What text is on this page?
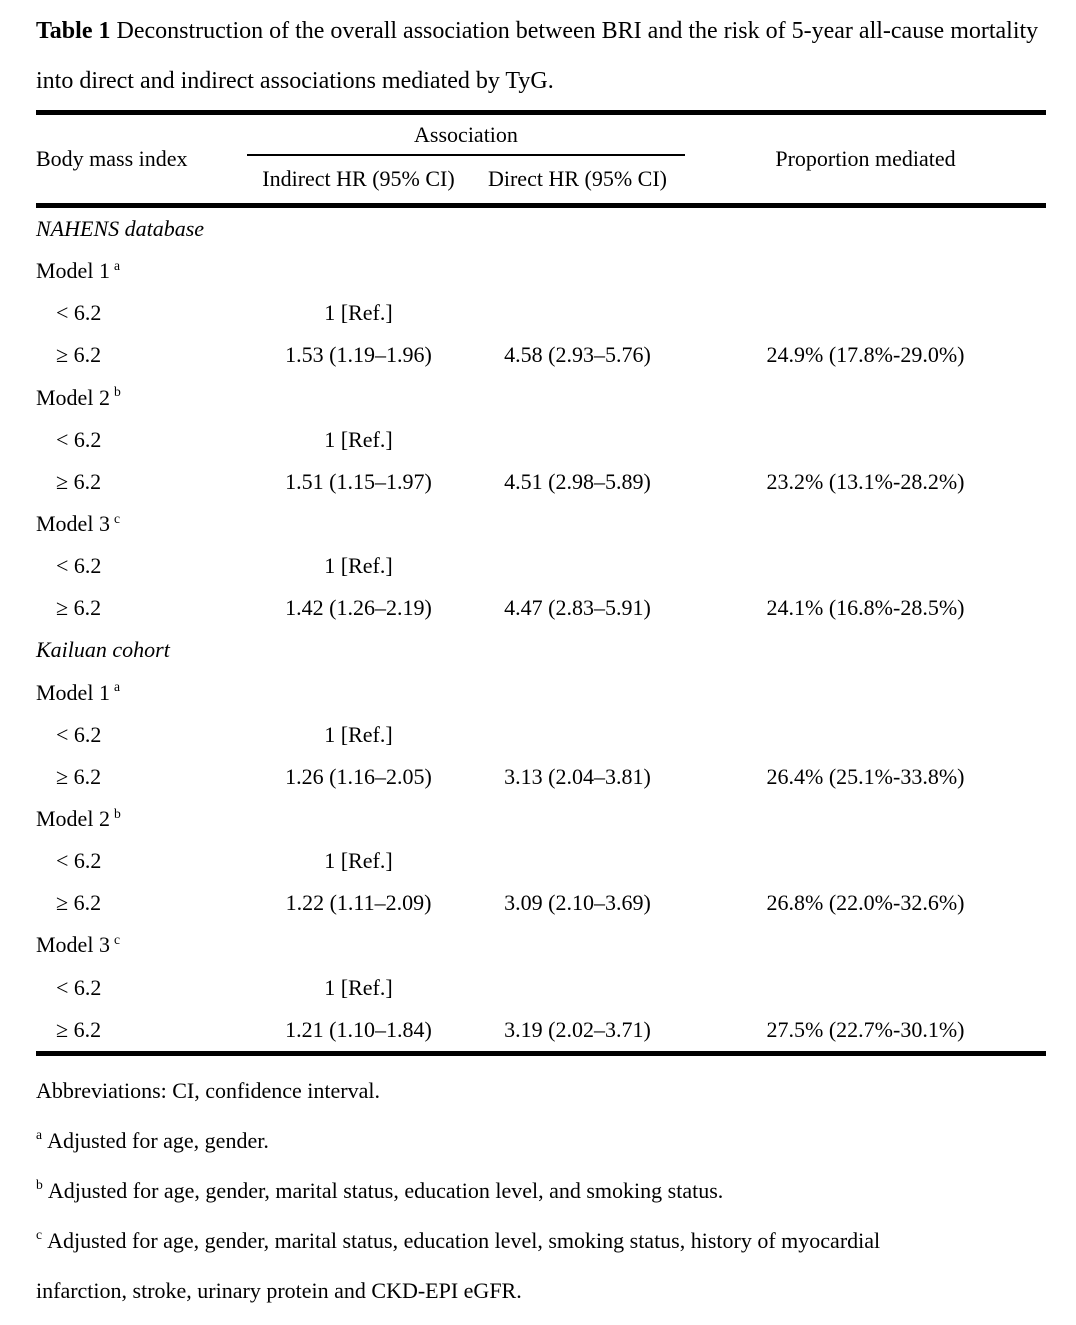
Table 1 Deconstruction of the overall association between BRI and the risk of 5-year all-cause mortality into direct and indirect associations mediated by TyG.

Body mass index
Association
Indirect HR (95% CI)	Direct HR (95% CI)
Proportion mediated
NAHENS database
Model 1 $^a$
< 6.2	1 [Ref.]
≥ 6.2	1.53 (1.19–1.96)	4.58 (2.93–5.76)	24.9% (17.8%-29.0%)
Model 2 $^b$
< 6.2	1 [Ref.]
≥ 6.2	1.51 (1.15–1.97)	4.51 (2.98–5.89)	23.2% (13.1%-28.2%)
Model 3 $^c$
< 6.2	1 [Ref.]
≥ 6.2	1.42 (1.26–2.19)	4.47 (2.83–5.91)	24.1% (16.8%-28.5%)
Kailuan cohort
Model 1 $^a$
< 6.2	1 [Ref.]
≥ 6.2	1.26 (1.16–2.05)	3.13 (2.04–3.81)	26.4% (25.1%-33.8%)
Model 2 $^b$
< 6.2	1 [Ref.]
≥ 6.2	1.22 (1.11–2.09)	3.09 (2.10–3.69)	26.8% (22.0%-32.6%)
Model 3 $^c$
< 6.2	1 [Ref.]
≥ 6.2	1.21 (1.10–1.84)	3.19 (2.02–3.71)	27.5% (22.7%-30.1%)

Abbreviations: CI, confidence interval.

$^a$ Adjusted for age, gender.

$^b$ Adjusted for age, gender, marital status, education level, and smoking status.

$^c$ Adjusted for age, gender, marital status, education level, smoking status, history of myocardial infarction, stroke, urinary protein and CKD-EPI eGFR.
